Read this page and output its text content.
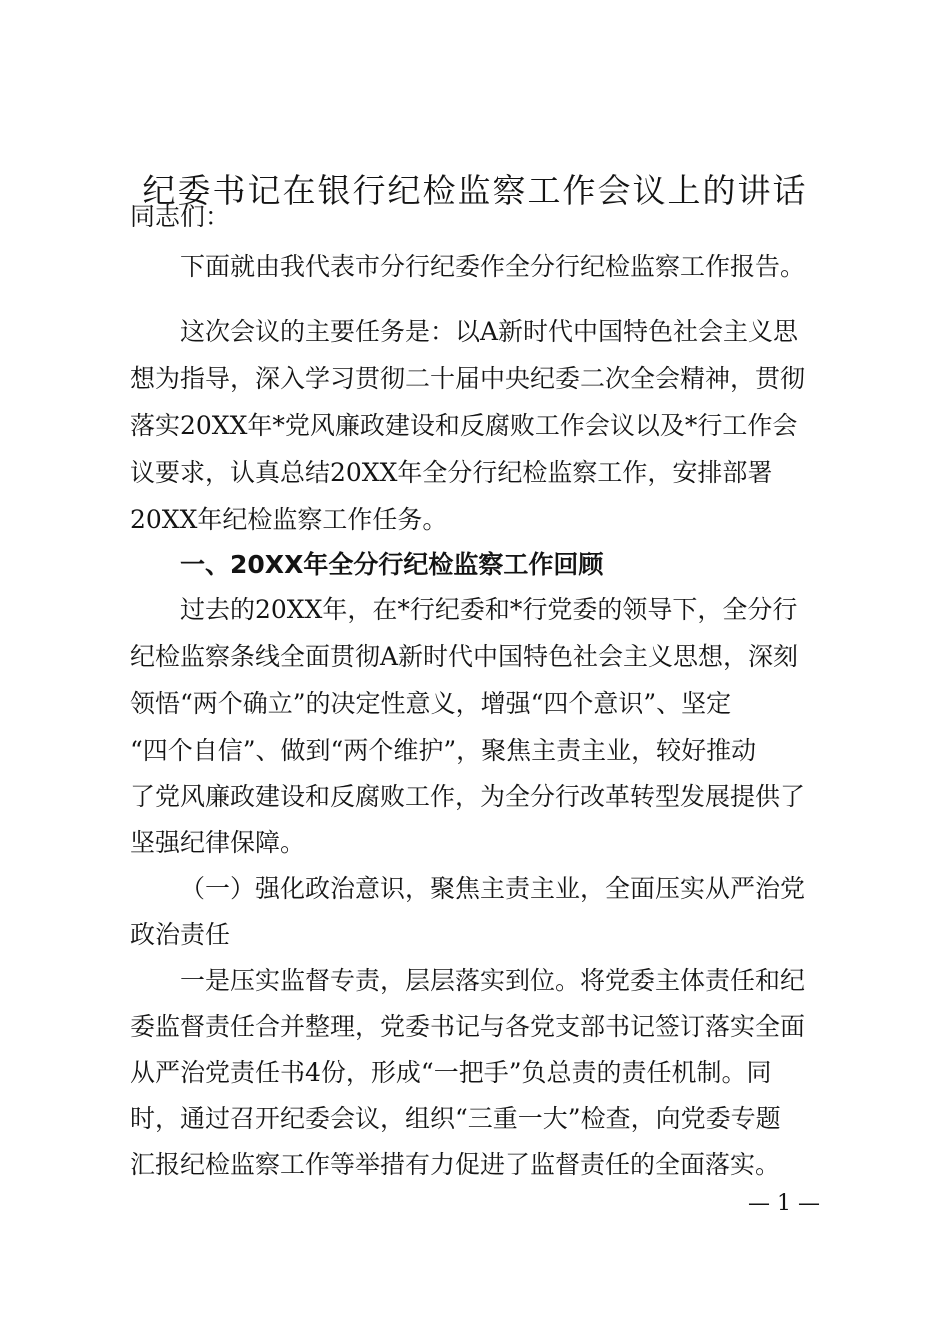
纪委书记在银行纪检监察工作会议上的讲话
同志们：
下面就由我代表市分行纪委作全分行纪检监察工作报告。
这次会议的主要任务是：以A新时代中国特色社会主义思
想为指导，深入学习贯彻二十届中央纪委二次全会精神，贯彻
落实20XX年*党风廉政建设和反腐败工作会议以及*行工作会
议要求，认真总结20XX年全分行纪检监察工作，安排部署
20XX年纪检监察工作任务。
一、20XX年全分行纪检监察工作回顾
过去的20XX年，在*行纪委和*行党委的领导下，全分行
纪检监察条线全面贯彻A新时代中国特色社会主义思想，深刻
领悟“两个确立”的决定性意义，增强“四个意识”、坚定
“四个自信”、做到“两个维护”，聚焦主责主业，较好推动
了党风廉政建设和反腐败工作，为全分行改革转型发展提供了
坚强纪律保障。
（一）强化政治意识，聚焦主责主业，全面压实从严治党
政治责任
一是压实监督专责，层层落实到位。将党委主体责任和纪
委监督责任合并整理，党委书记与各党支部书记签订落实全面
从严治党责任书4份，形成“一把手”负总责的责任机制。同
时，通过召开纪委会议，组织“三重一大”检查，向党委专题
汇报纪检监察工作等举措有力促进了监督责任的全面落实。
— 1 —
